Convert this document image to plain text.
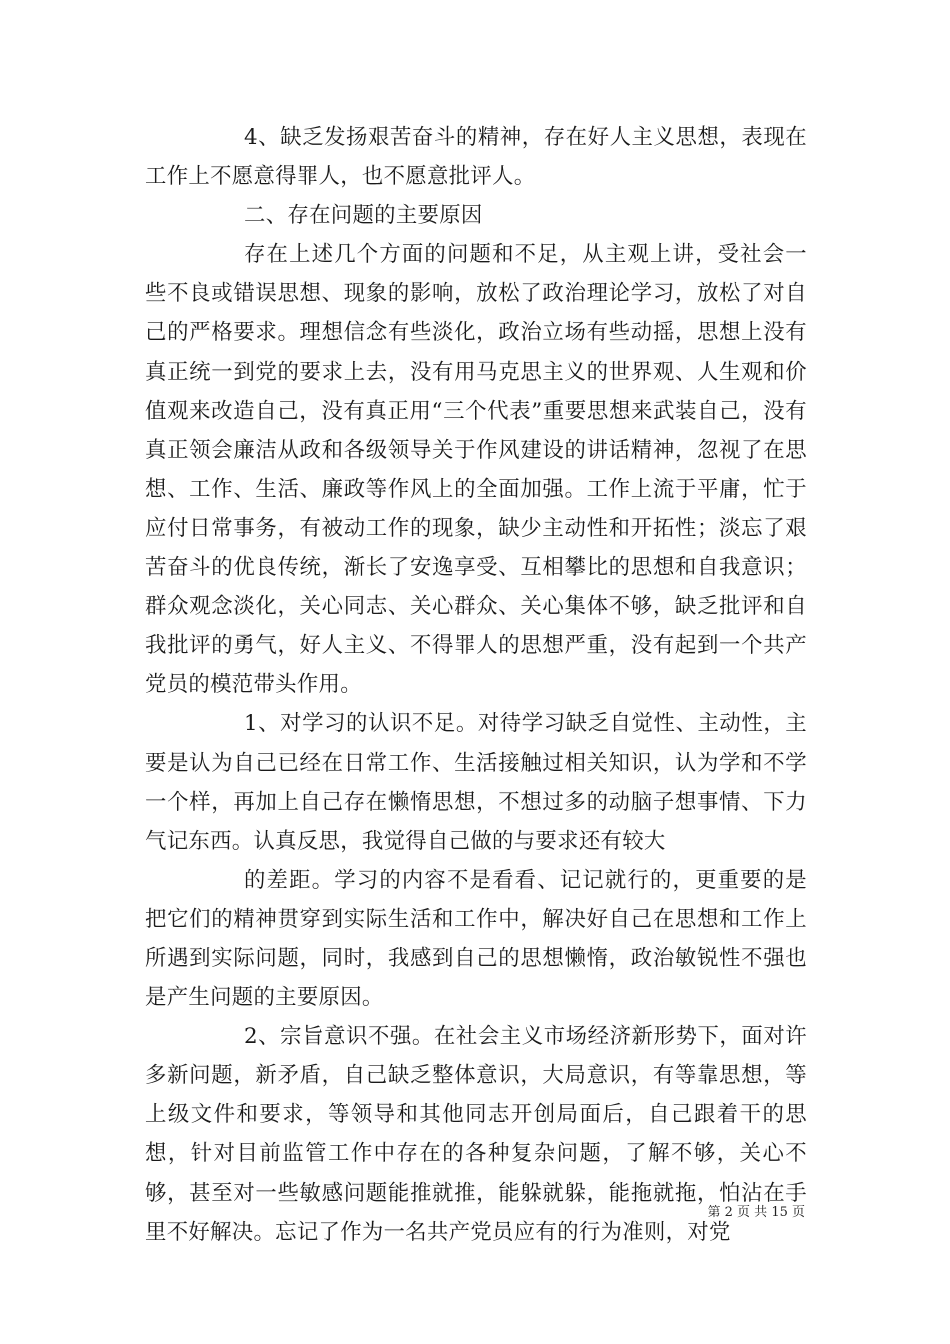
4、缺乏发扬艰苦奋斗的精神，存在好人主义思想，表现在工作上不愿意得罪人，也不愿意批评人。

二、存在问题的主要原因

存在上述几个方面的问题和不足，从主观上讲，受社会一些不良或错误思想、现象的影响，放松了政治理论学习，放松了对自己的严格要求。理想信念有些淡化，政治立场有些动摇，思想上没有真正统一到党的要求上去，没有用马克思主义的世界观、人生观和价值观来改造自己，没有真正用“三个代表”重要思想来武装自己，没有真正领会廉洁从政和各级领导关于作风建设的讲话精神，忽视了在思想、工作、生活、廉政等作风上的全面加强。工作上流于平庸，忙于应付日常事务，有被动工作的现象，缺少主动性和开拓性；淡忘了艰苦奋斗的优良传统，渐长了安逸享受、互相攀比的思想和自我意识；群众观念淡化，关心同志、关心群众、关心集体不够，缺乏批评和自我批评的勇气，好人主义、不得罪人的思想严重，没有起到一个共产党员的模范带头作用。

1、对学习的认识不足。对待学习缺乏自觉性、主动性，主要是认为自己已经在日常工作、生活接触过相关知识，认为学和不学一个样，再加上自己存在懒惰思想，不想过多的动脑子想事情、下力气记东西。认真反思，我觉得自己做的与要求还有较大

的差距。学习的内容不是看看、记记就行的，更重要的是把它们的精神贯穿到实际生活和工作中，解决好自己在思想和工作上所遇到实际问题，同时，我感到自己的思想懒惰，政治敏锐性不强也是产生问题的主要原因。

2、宗旨意识不强。在社会主义市场经济新形势下，面对许多新问题，新矛盾，自己缺乏整体意识，大局意识，有等靠思想，等上级文件和要求，等领导和其他同志开创局面后，自己跟着干的思想，针对目前监管工作中存在的各种复杂问题，了解不够，关心不够，甚至对一些敏感问题能推就推，能躲就躲，能拖就拖，怕沾在手里不好解决。忘记了作为一名共产党员应有的行为准则，对党

第 2 页 共 15 页
